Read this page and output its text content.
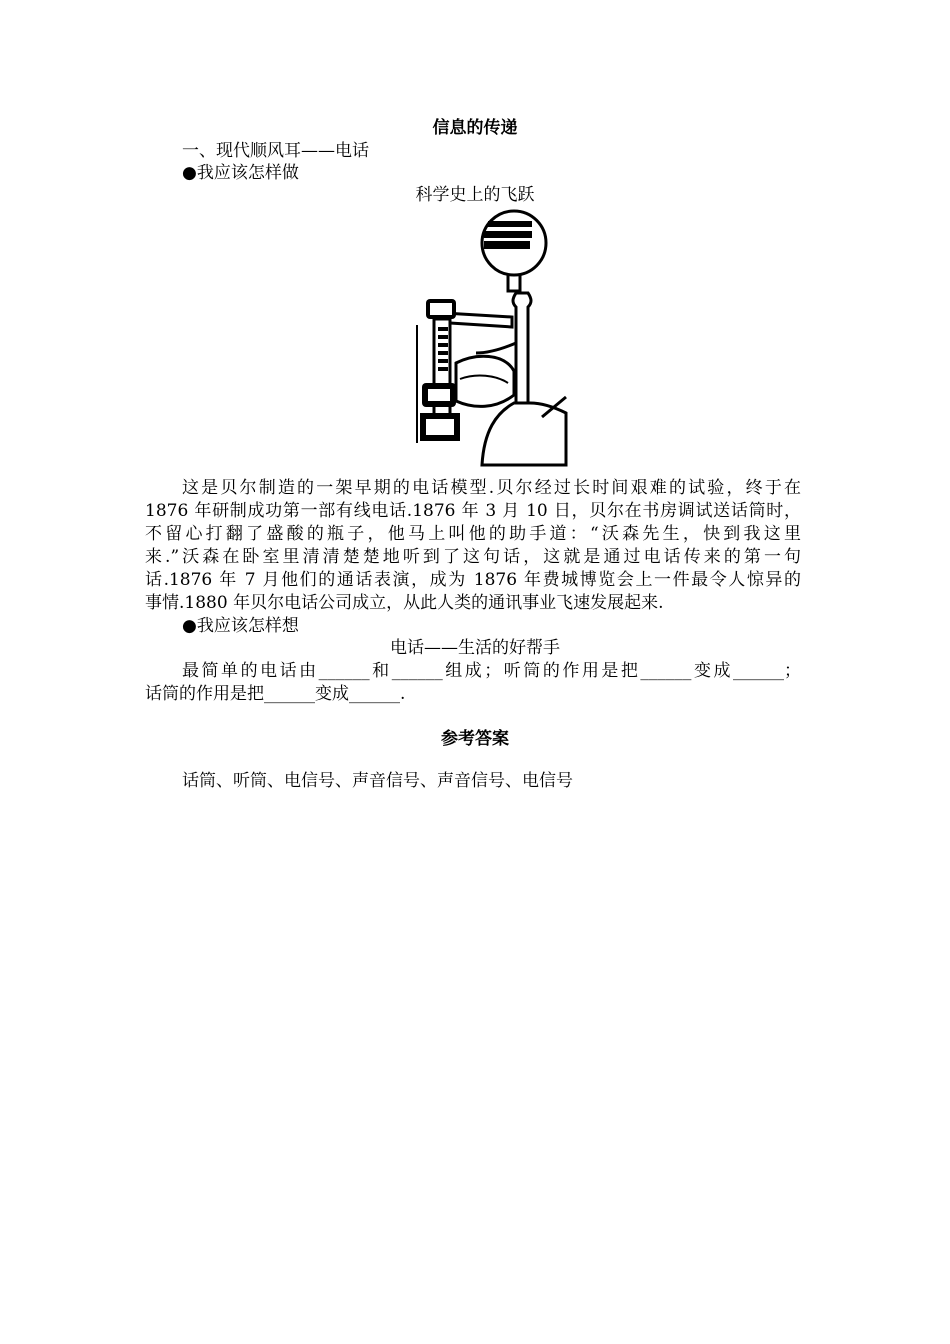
信息的传递
一、现代顺风耳——电话
●我应该怎样做
科学史上的飞跃
这是贝尔制造的一架早期的电话模型.贝尔经过长时间艰难的试验，终于在
1876 年研制成功第一部有线电话.1876 年 3 月 10 日，贝尔在书房调试送话筒时，
不留心打翻了盛酸的瓶子，他马上叫他的助手道：“沃森先生，快到我这里
来.”沃森在卧室里清清楚楚地听到了这句话，这就是通过电话传来的第一句
话.1876 年 7 月他们的通话表演，成为 1876 年费城博览会上一件最令人惊异的
事情.1880 年贝尔电话公司成立，从此人类的通讯事业飞速发展起来.
●我应该怎样想
电话——生活的好帮手
最简单的电话由______和______组成；听筒的作用是把______变成______；
话筒的作用是把______变成______.
参考答案
话筒、听筒、电信号、声音信号、声音信号、电信号
